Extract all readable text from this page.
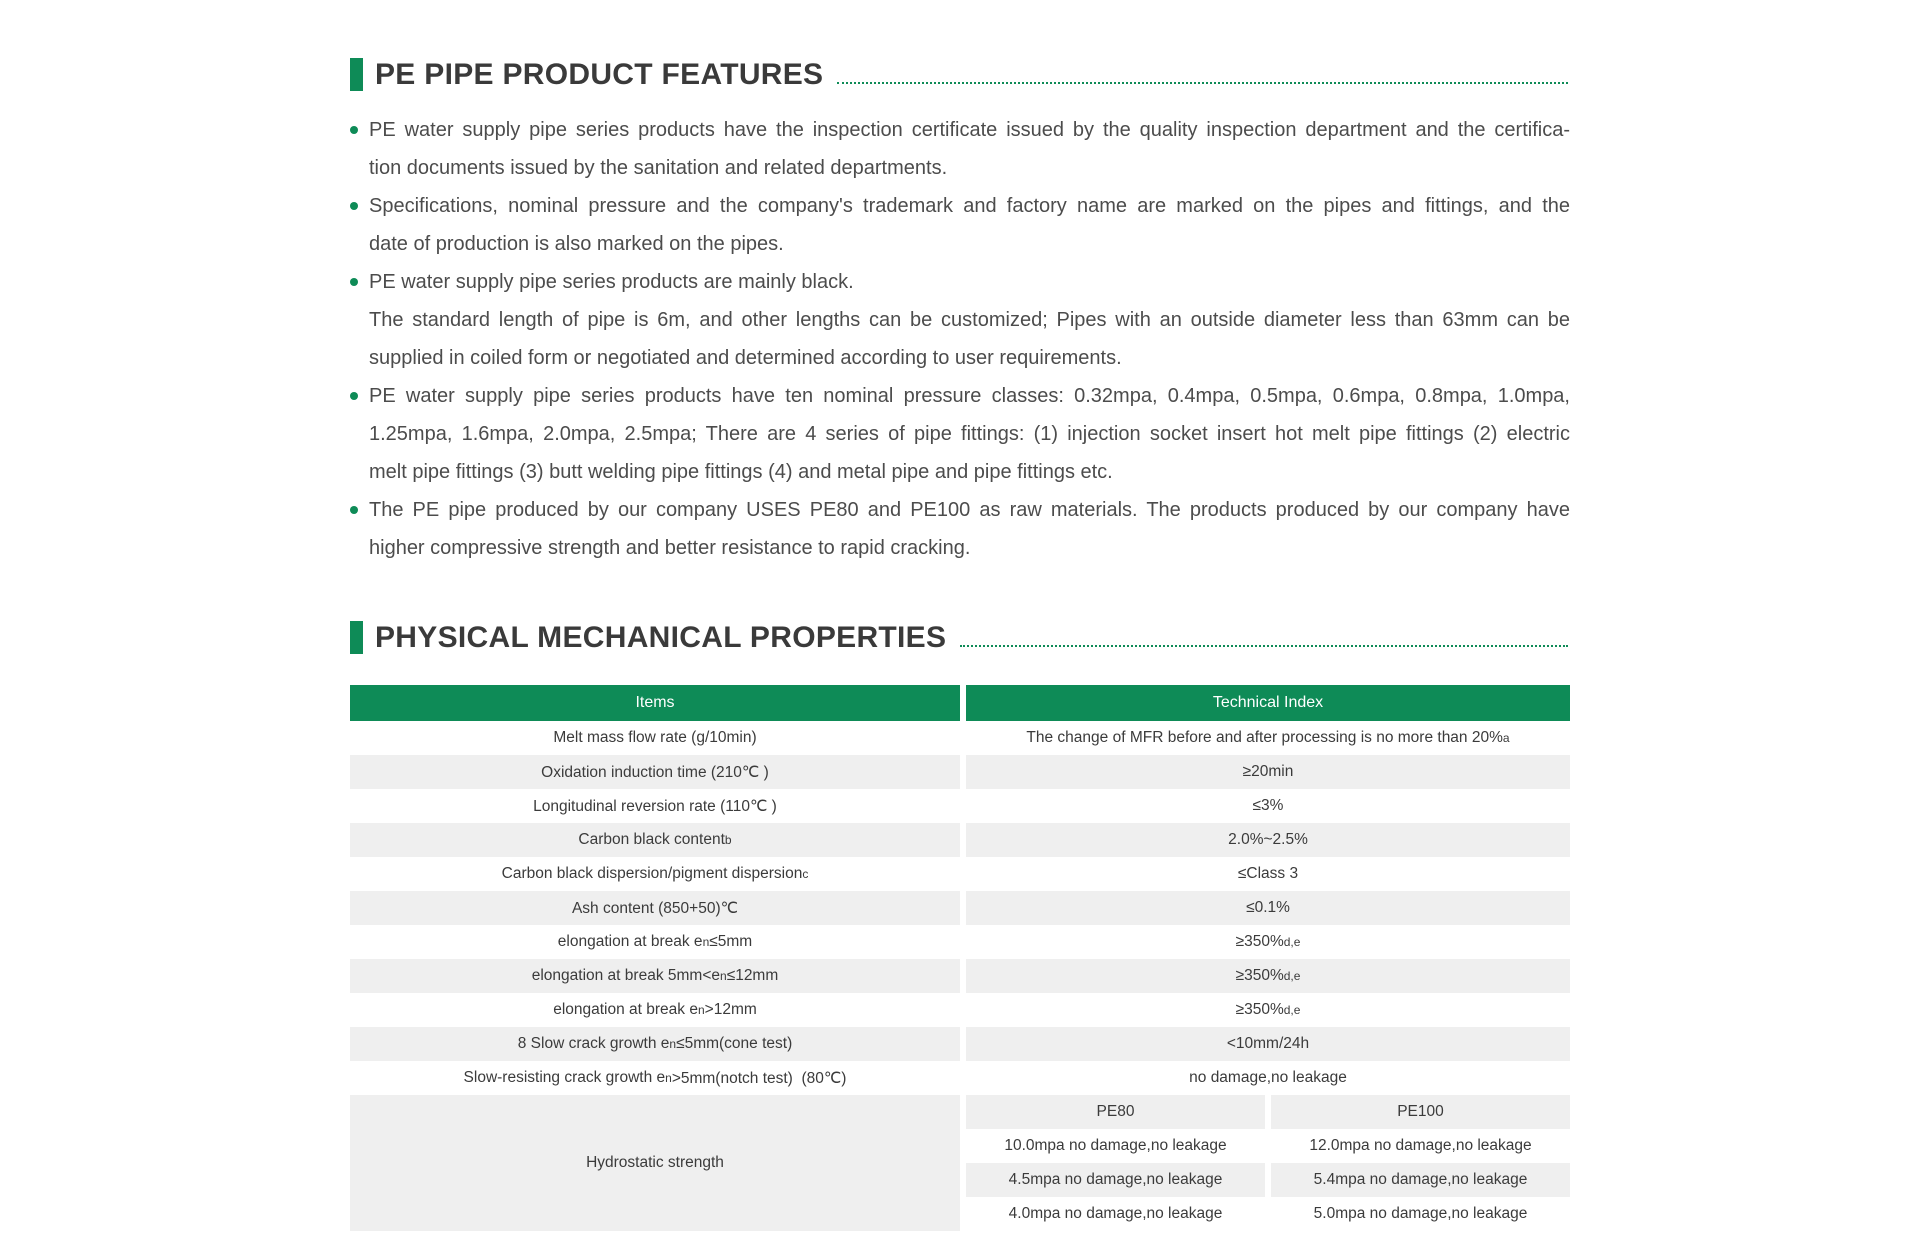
PE PIPE PRODUCT FEATURES
PE water supply pipe series products have the inspection certificate issued by the quality inspection department and the certifica-
tion documents issued by the sanitation and related departments.
Specifications, nominal pressure and the company's trademark and factory name are marked on the pipes and fittings, and the
date of production is also marked on the pipes.
PE water supply pipe series products are mainly black.
The standard length of pipe is 6m, and other lengths can be customized; Pipes with an outside diameter less than 63mm can be
supplied in coiled form or negotiated and determined according to user requirements.
PE water supply pipe series products have ten nominal pressure classes: 0.32mpa, 0.4mpa, 0.5mpa, 0.6mpa, 0.8mpa, 1.0mpa,
1.25mpa, 1.6mpa, 2.0mpa, 2.5mpa; There are 4 series of pipe fittings: (1) injection socket insert hot melt pipe fittings (2) electric
melt pipe fittings (3) butt welding pipe fittings (4) and metal pipe and pipe fittings etc.
The PE pipe produced by our company USES PE80 and PE100 as raw materials. The products produced by our company have
higher compressive strength and better resistance to rapid cracking.
PHYSICAL MECHANICAL PROPERTIES
Items	Technical Index
Melt mass flow rate (g/10min)	The change of MFR before and after processing is no more than 20% a
Oxidation induction time (210℃ )	≥20min
Longitudinal reversion rate (110℃ )	≤3%
Carbon black content b	2.0%~2.5%
Carbon black dispersion/pigment dispersion c	≤Class 3
Ash content (850+50)℃	≤0.1%
elongation at break e n ≤5mm	≥350% d,e
elongation at break 5mm<e n ≤12mm	≥350% d,e
elongation at break e n >12mm	≥350% d,e
8 Slow crack growth e n ≤5mm(cone test)	<10mm/24h
Slow-resisting crack growth e n >5mm(notch test)  (80℃)	no damage,no leakage
Hydrostatic strength
PE80	PE100
10.0mpa no damage,no leakage	12.0mpa no damage,no leakage
4.5mpa no damage,no leakage	5.4mpa no damage,no leakage
4.0mpa no damage,no leakage	5.0mpa no damage,no leakage
